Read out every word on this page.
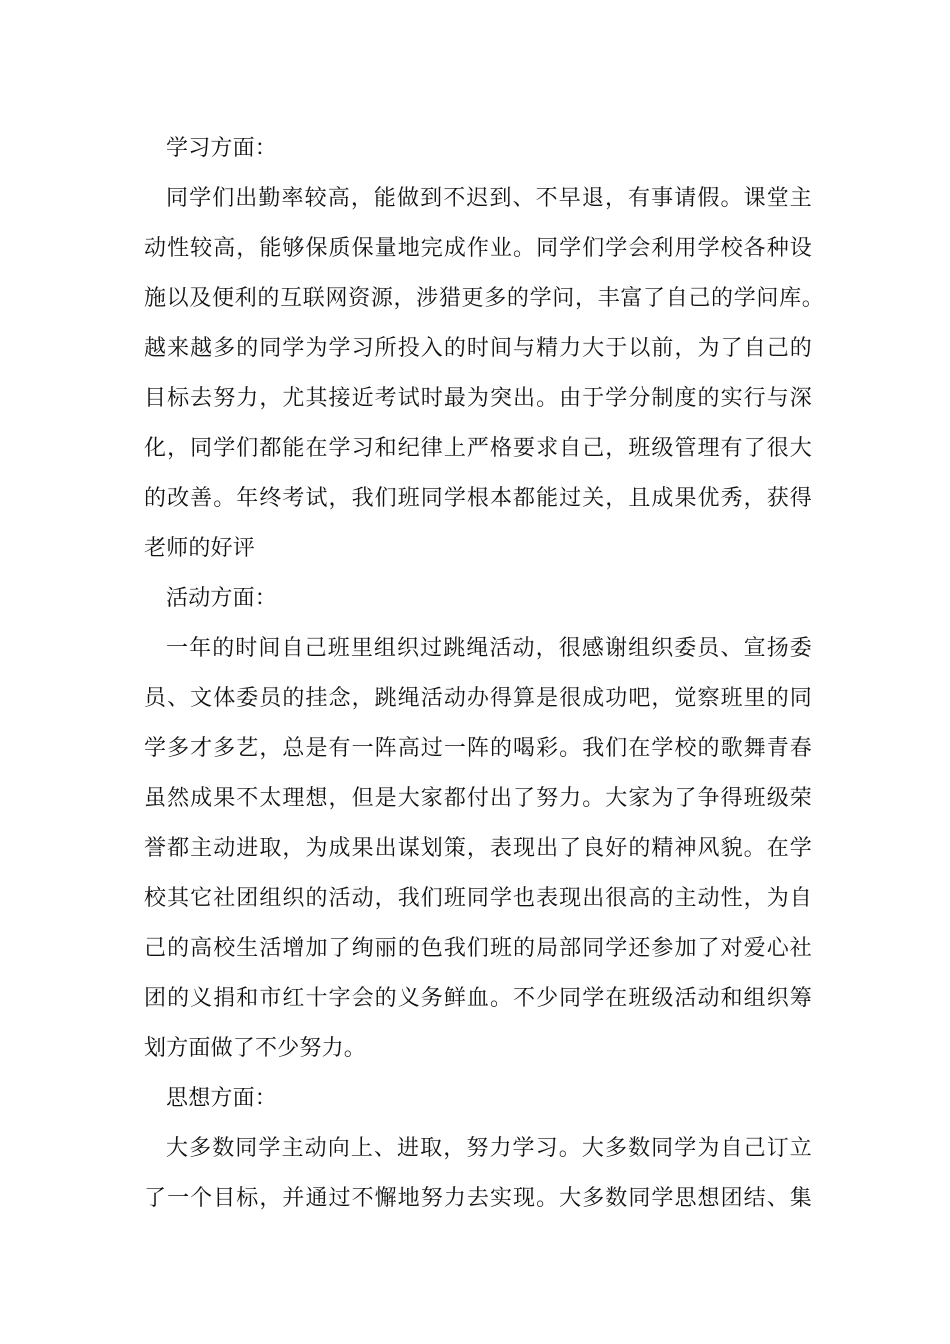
学习方面：
同学们出勤率较高，能做到不迟到、不早退，有事请假。课堂主
动性较高，能够保质保量地完成作业。同学们学会利用学校各种设
施以及便利的互联网资源，涉猎更多的学问，丰富了自己的学问库。
越来越多的同学为学习所投入的时间与精力大于以前，为了自己的
目标去努力，尤其接近考试时最为突出。由于学分制度的实行与深
化，同学们都能在学习和纪律上严格要求自己，班级管理有了很大
的改善。年终考试，我们班同学根本都能过关，且成果优秀，获得
老师的好评
活动方面：
一年的时间自己班里组织过跳绳活动，很感谢组织委员、宣扬委
员、文体委员的挂念，跳绳活动办得算是很成功吧，觉察班里的同
学多才多艺，总是有一阵高过一阵的喝彩。我们在学校的歌舞青春
虽然成果不太理想，但是大家都付出了努力。大家为了争得班级荣
誉都主动进取，为成果出谋划策，表现出了良好的精神风貌。在学
校其它社团组织的活动，我们班同学也表现出很高的主动性，为自
己的高校生活增加了绚丽的色我们班的局部同学还参加了对爱心社
团的义捐和市红十字会的义务鲜血。不少同学在班级活动和组织筹
划方面做了不少努力。
思想方面：
大多数同学主动向上、进取，努力学习。大多数同学为自己订立
了一个目标，并通过不懈地努力去实现。大多数同学思想团结、集
